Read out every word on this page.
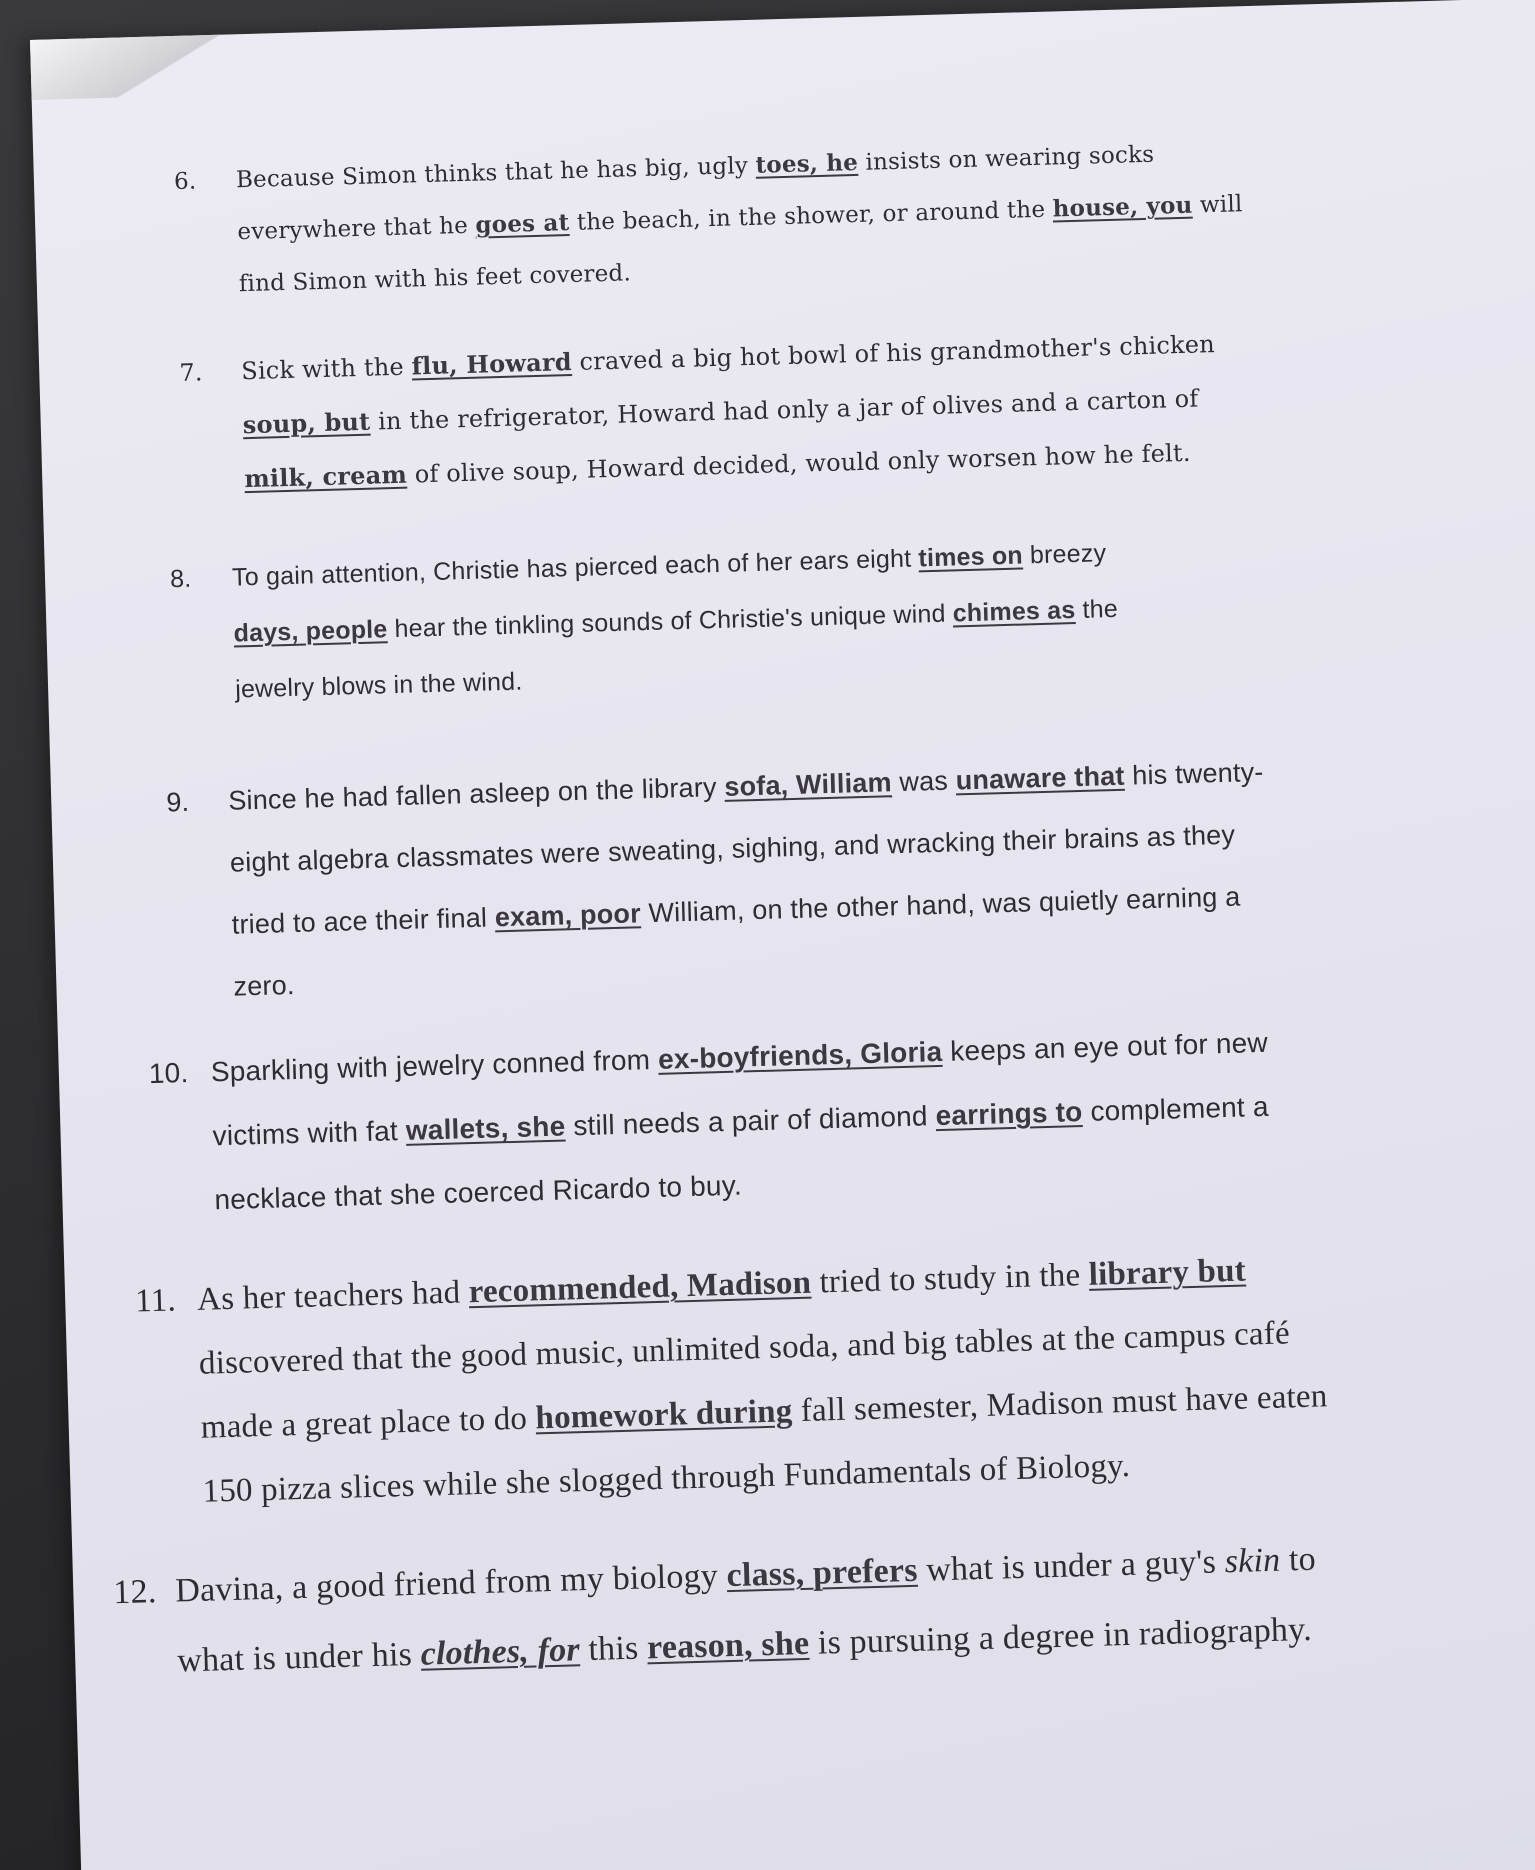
6. Because Simon thinks that he has big, ugly toes, he insists on wearing socks
everywhere that he goes at the beach, in the shower, or around the house, you will
find Simon with his feet covered.
7. Sick with the flu, Howard craved a big hot bowl of his grandmother's chicken
soup, but in the refrigerator, Howard had only a jar of olives and a carton of
milk, cream of olive soup, Howard decided, would only worsen how he felt.
8. To gain attention, Christie has pierced each of her ears eight times on breezy
days, people hear the tinkling sounds of Christie's unique wind chimes as the
jewelry blows in the wind.
9. Since he had fallen asleep on the library sofa, William was unaware that his twenty-
eight algebra classmates were sweating, sighing, and wracking their brains as they
tried to ace their final exam, poor William, on the other hand, was quietly earning a
zero.
10. Sparkling with jewelry conned from ex-boyfriends, Gloria keeps an eye out for new
victims with fat wallets, she still needs a pair of diamond earrings to complement a
necklace that she coerced Ricardo to buy.
11. As her teachers had recommended, Madison tried to study in the library but
discovered that the good music, unlimited soda, and big tables at the campus café
made a great place to do homework during fall semester, Madison must have eaten
150 pizza slices while she slogged through Fundamentals of Biology.
12. Davina, a good friend from my biology class, prefers what is under a guy's skin to
what is under his clothes, for this reason, she is pursuing a degree in radiography.
